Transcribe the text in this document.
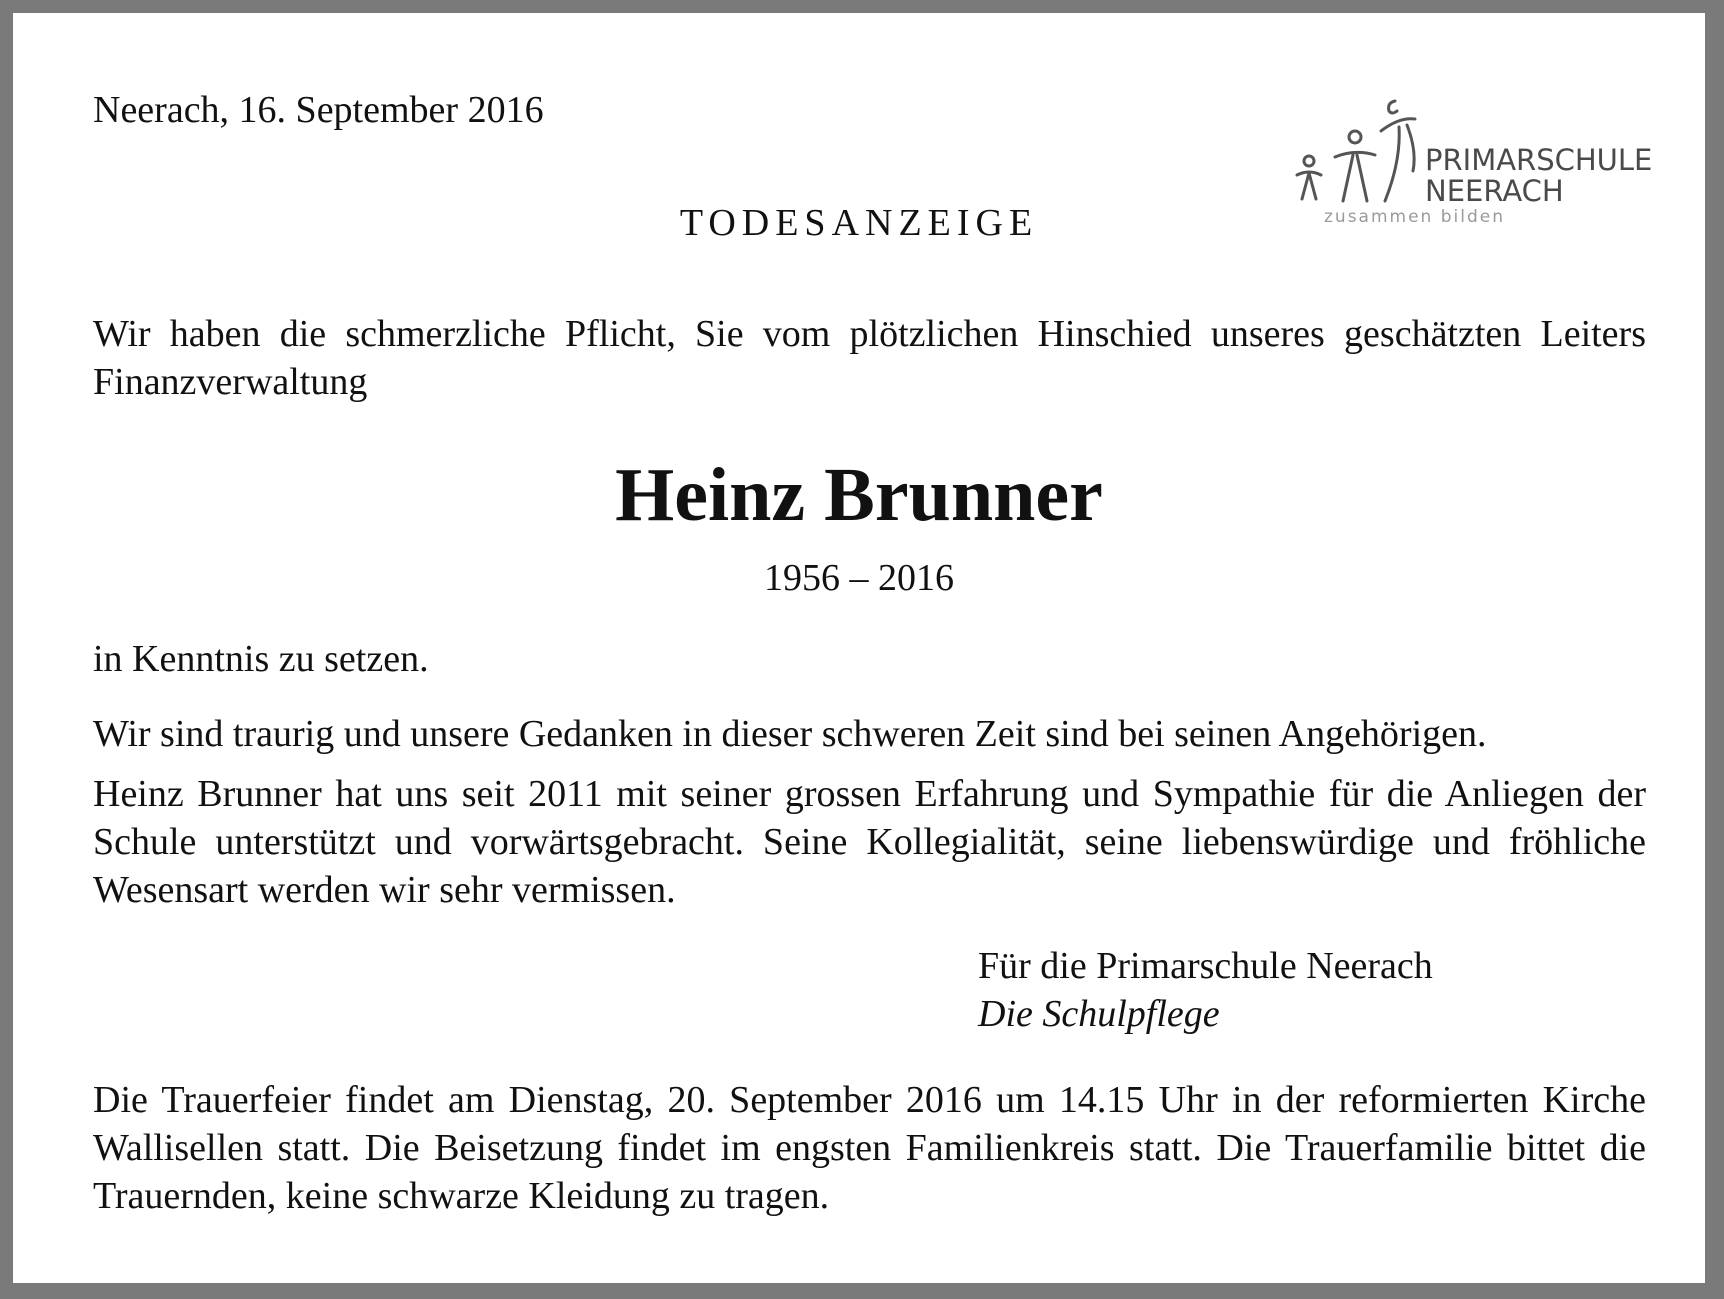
Neerach, 16. September 2016

PRIMARSCHULE
NEERACH
zusammen bilden

TODESANZEIGE

Wir haben die schmerzliche Pflicht, Sie vom plötzlichen Hinschied unseres geschätzten Leiters Finanzverwaltung

Heinz Brunner

1956 – 2016

in Kenntnis zu setzen.

Wir sind traurig und unsere Gedanken in dieser schweren Zeit sind bei seinen Angehörigen.

Heinz Brunner hat uns seit 2011 mit seiner grossen Erfahrung und Sympathie für die Anliegen der Schule unterstützt und vorwärtsgebracht. Seine Kollegialität, seine liebenswürdige und fröhliche Wesensart werden wir sehr vermissen.

Für die Primarschule Neerach
Die Schulpflege

Die Trauerfeier findet am Dienstag, 20. September 2016 um 14.15 Uhr in der reformierten Kirche Wallisellen statt. Die Beisetzung findet im engsten Familienkreis statt. Die Trauerfamilie bittet die Trauernden, keine schwarze Kleidung zu tragen.
